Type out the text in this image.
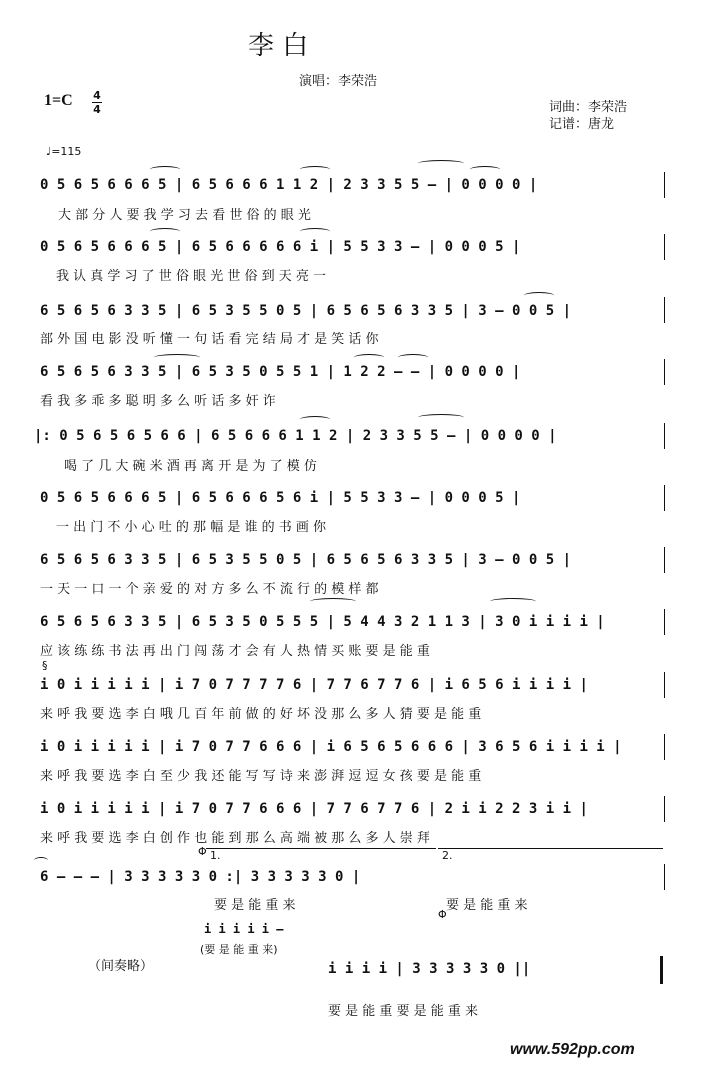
李 白
演唱：李荣浩
1=C 4
4	词曲：李荣浩
记谱：唐龙
♩=115
0 5 6 5 6 6 6 5 | 6 5 6 6 6 1 1 2 | 2 3 3 5 5 – | 0 0 0 0 |
大 部 分 人 要 我 学 习 去 看 世 俗 的 眼 光
0 5 6 5 6 6 6 5 | 6 5 6 6 6 6 6 i | 5 5 3 3 – | 0 0 0 5 |
我 认 真 学 习 了 世 俗 眼 光 世 俗 到 天 亮 一
6 5 6 5 6 3 3 5 | 6 5 3 5 5 0 5 | 6 5 6 5 6 3 3 5 | 3 – 0 0 5 |
部 外 国 电 影 没 听 懂 一 句 话 看 完 结 局 才 是 笑 话 你
6 5 6 5 6 3 3 5 | 6 5 3 5 0 5 5 1 | 1 2 2 – – | 0 0 0 0 |
看 我 多 乖 多 聪 明 多 么 听 话 多 奸 诈
|: 0 5 6 5 6 5 6 6 | 6 5 6 6 6 1 1 2 | 2 3 3 5 5 – | 0 0 0 0 |
喝 了 几 大 碗 米 酒 再 离 开 是 为 了 模 仿
0 5 6 5 6 6 6 5 | 6 5 6 6 6 5 6 i | 5 5 3 3 – | 0 0 0 5 |
一 出 门 不 小 心 吐 的 那 幅 是 谁 的 书 画 你
6 5 6 5 6 3 3 5 | 6 5 3 5 5 0 5 | 6 5 6 5 6 3 3 5 | 3 – 0 0 5 |
一 天 一 口 一 个 亲 爱 的 对 方 多 么 不 流 行 的 模 样 都
6 5 6 5 6 3 3 5 | 6 5 3 5 0 5 5 5 | 5 4 4 3 2 1 1 3 | 3 0 i i i i |
应 该 练 练 书 法 再 出 门 闯 荡 才 会 有 人 热 情 买 账 要 是 能 重
§
i 0 i i i i i | i 7 0 7 7 7 7 6 | 7 7 6 7 7 6 | i 6 5 6 i i i i |
来 呼 我 要 选 李 白 哦 几 百 年 前 做 的 好 坏 没 那 么 多 人 猜 要 是 能 重
i 0 i i i i i | i 7 0 7 7 6 6 6 | i 6 5 6 5 6 6 6 | 3 6 5 6 i i i i |
来 呼 我 要 选 李 白 至 少 我 还 能 写 写 诗 来 澎 湃 逗 逗 女 孩 要 是 能 重
i 0 i i i i i | i 7 0 7 7 6 6 6 | 7 7 6 7 7 6 | 2 i i 2 2 3 i i |
来 呼 我 要 选 李 白 创 作 也 能 到 那 么 高 端 被 那 么 多 人 崇 拜
Φ 1.	2.
6 – – – | 3 3 3 3 3 0 :| 3 3 3 3 3 0 |
要 是 能 重 来	要 是 能 重 来
Φ
i i i i i –
(要 是 能 重 来)
（间奏略）	i i i i | 3 3 3 3 3 0 ||
要 是 能 重 要 是 能 重 来
www.592pp.com
